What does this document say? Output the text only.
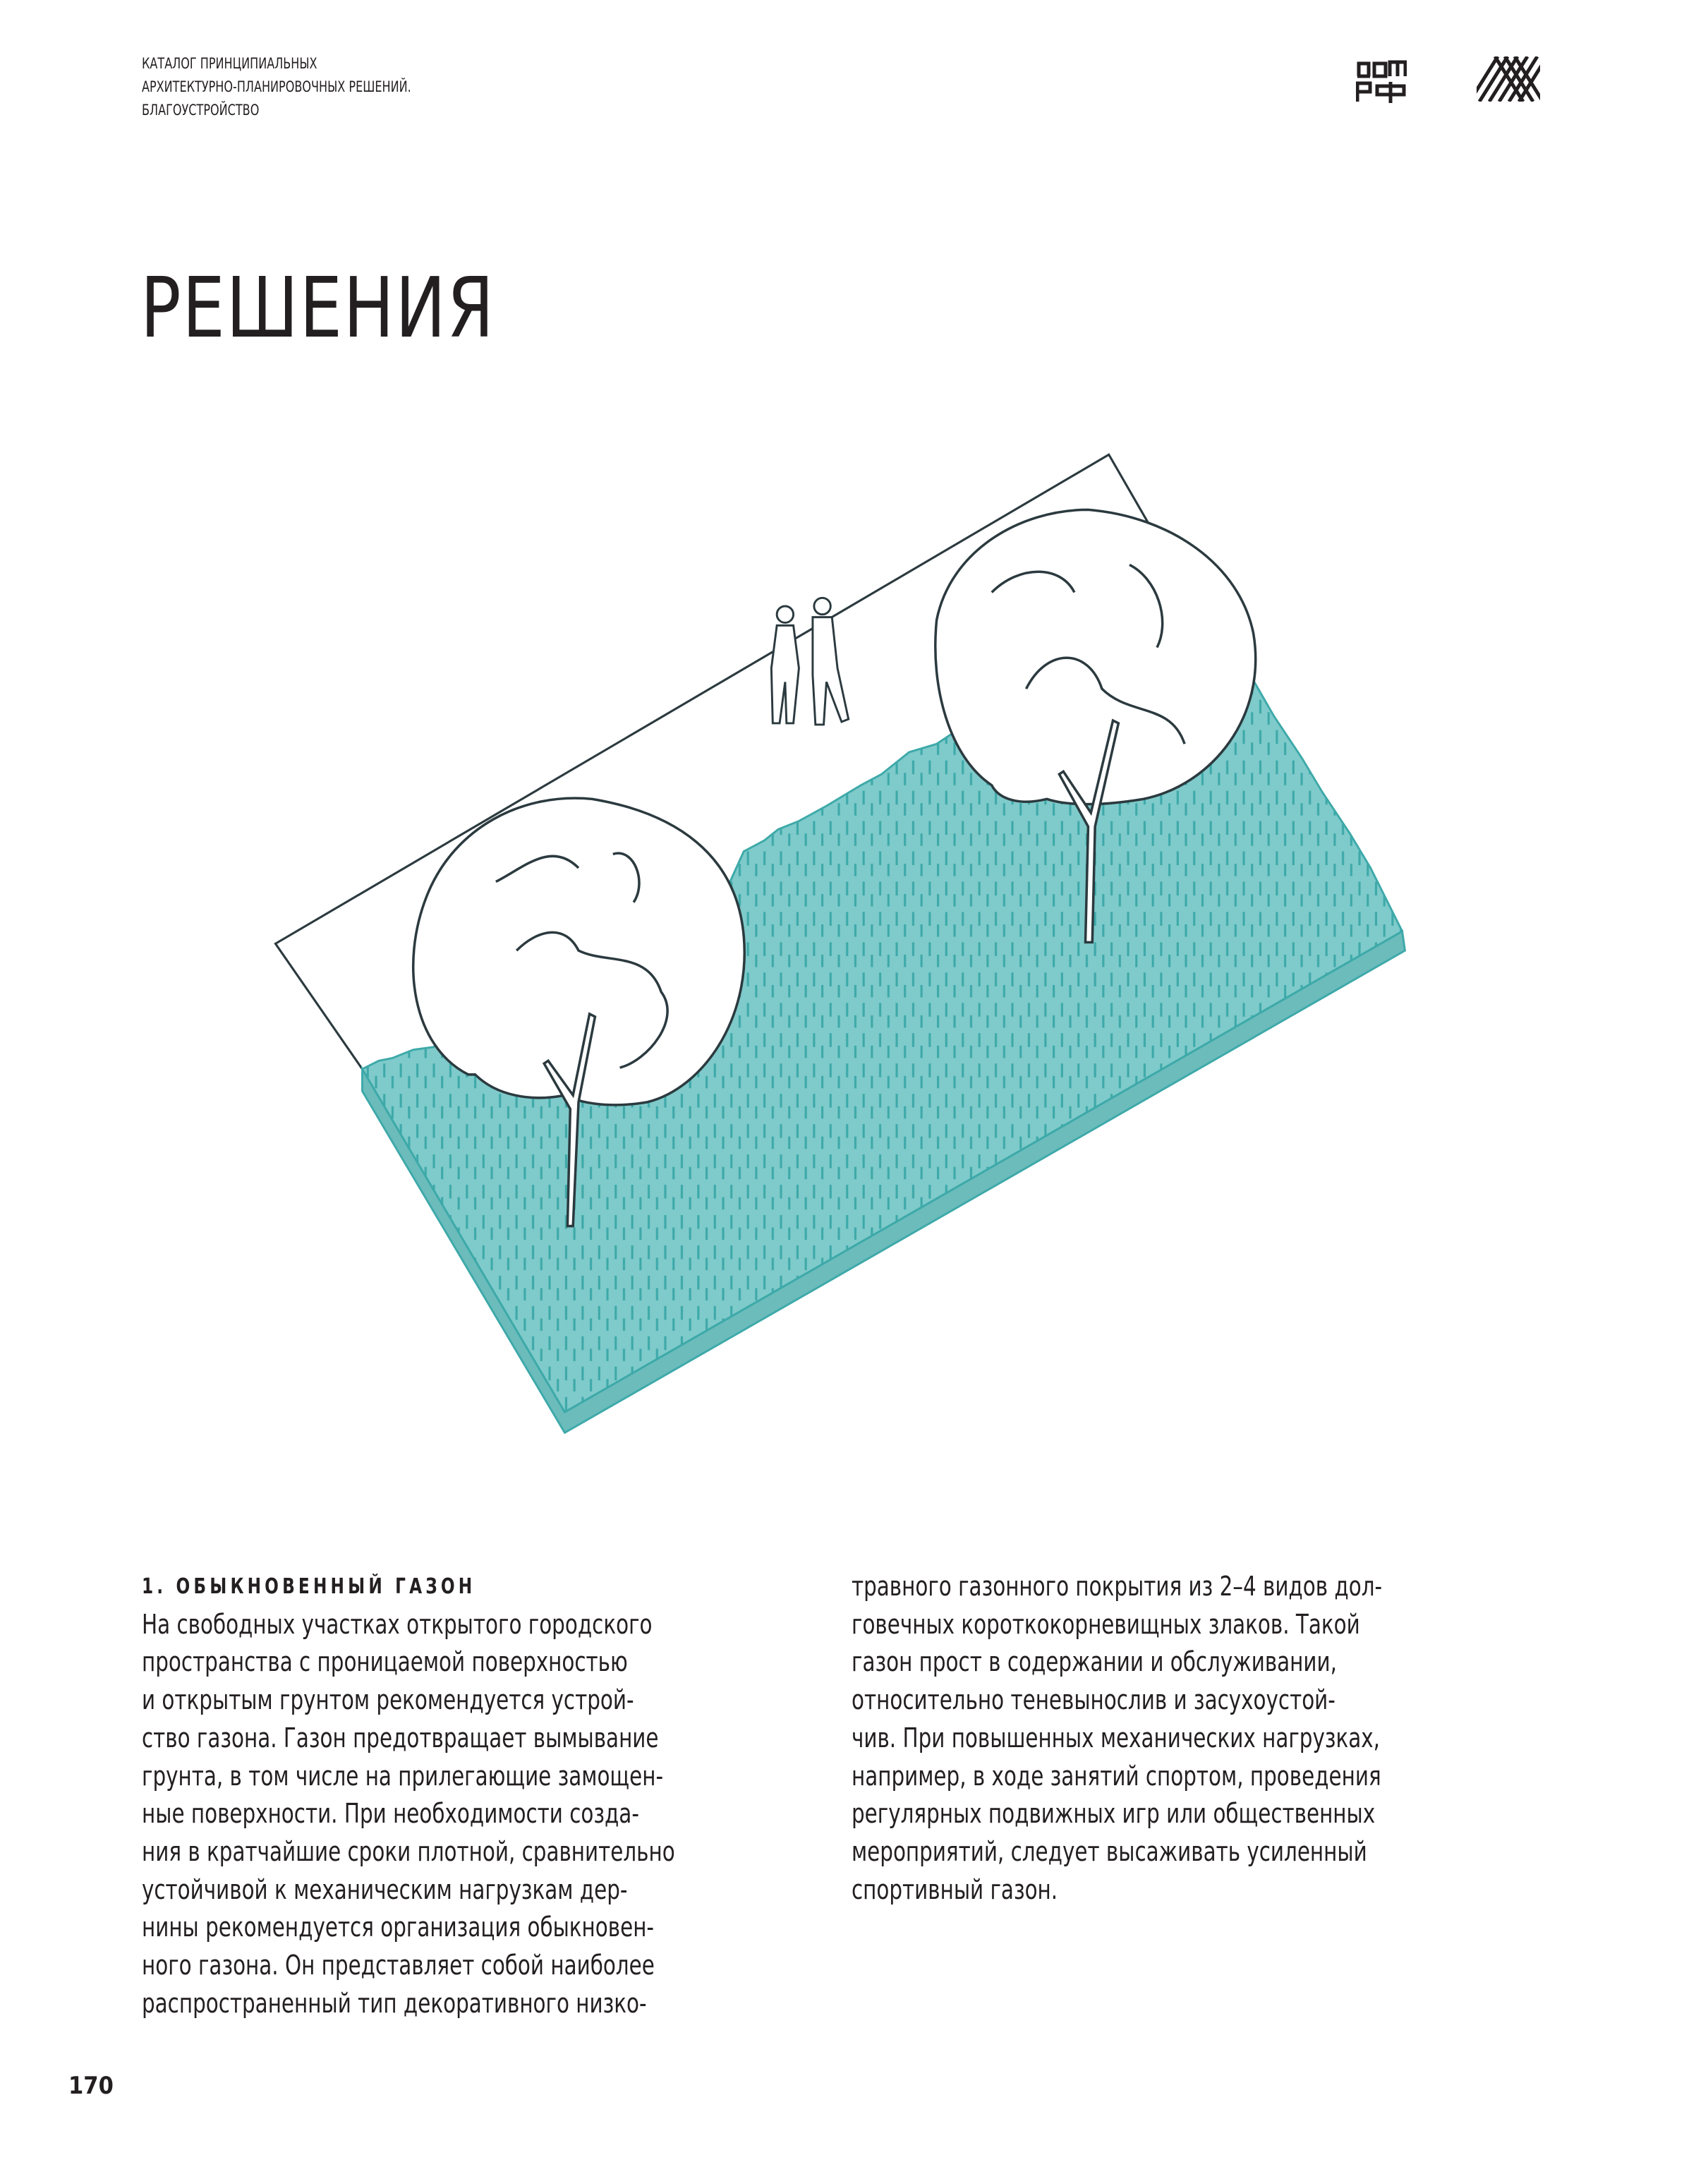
КАТАЛОГ ПРИНЦИПИАЛЬНЫХ
АРХИТЕКТУРНО-ПЛАНИРОВОЧНЫХ РЕШЕНИЙ.
БЛАГОУСТРОЙСТВО
РЕШЕНИЯ
1. ОБЫКНОВЕННЫЙ ГАЗОН
На свободных участках открытого городского
пространства с проницаемой поверхностью
и открытым грунтом рекомендуется устрой-
ство газона. Газон предотвращает вымывание
грунта, в том числе на прилегающие замощен-
ные поверхности. При необходимости созда-
ния в кратчайшие сроки плотной, сравнительно
устойчивой к механическим нагрузкам дер-
нины рекомендуется организация обыкновен-
ного газона. Он представляет собой наиболее
распространенный тип декоративного низко-
травного газонного покрытия из 2–4 видов дол-
говечных короткокорневищных злаков. Такой
газон прост в содержании и обслуживании,
относительно теневынослив и засухоустой-
чив. При повышенных механических нагрузках,
например, в ходе занятий спортом, проведения
регулярных подвижных игр или общественных
мероприятий, следует высаживать усиленный
спортивный газон.
170
